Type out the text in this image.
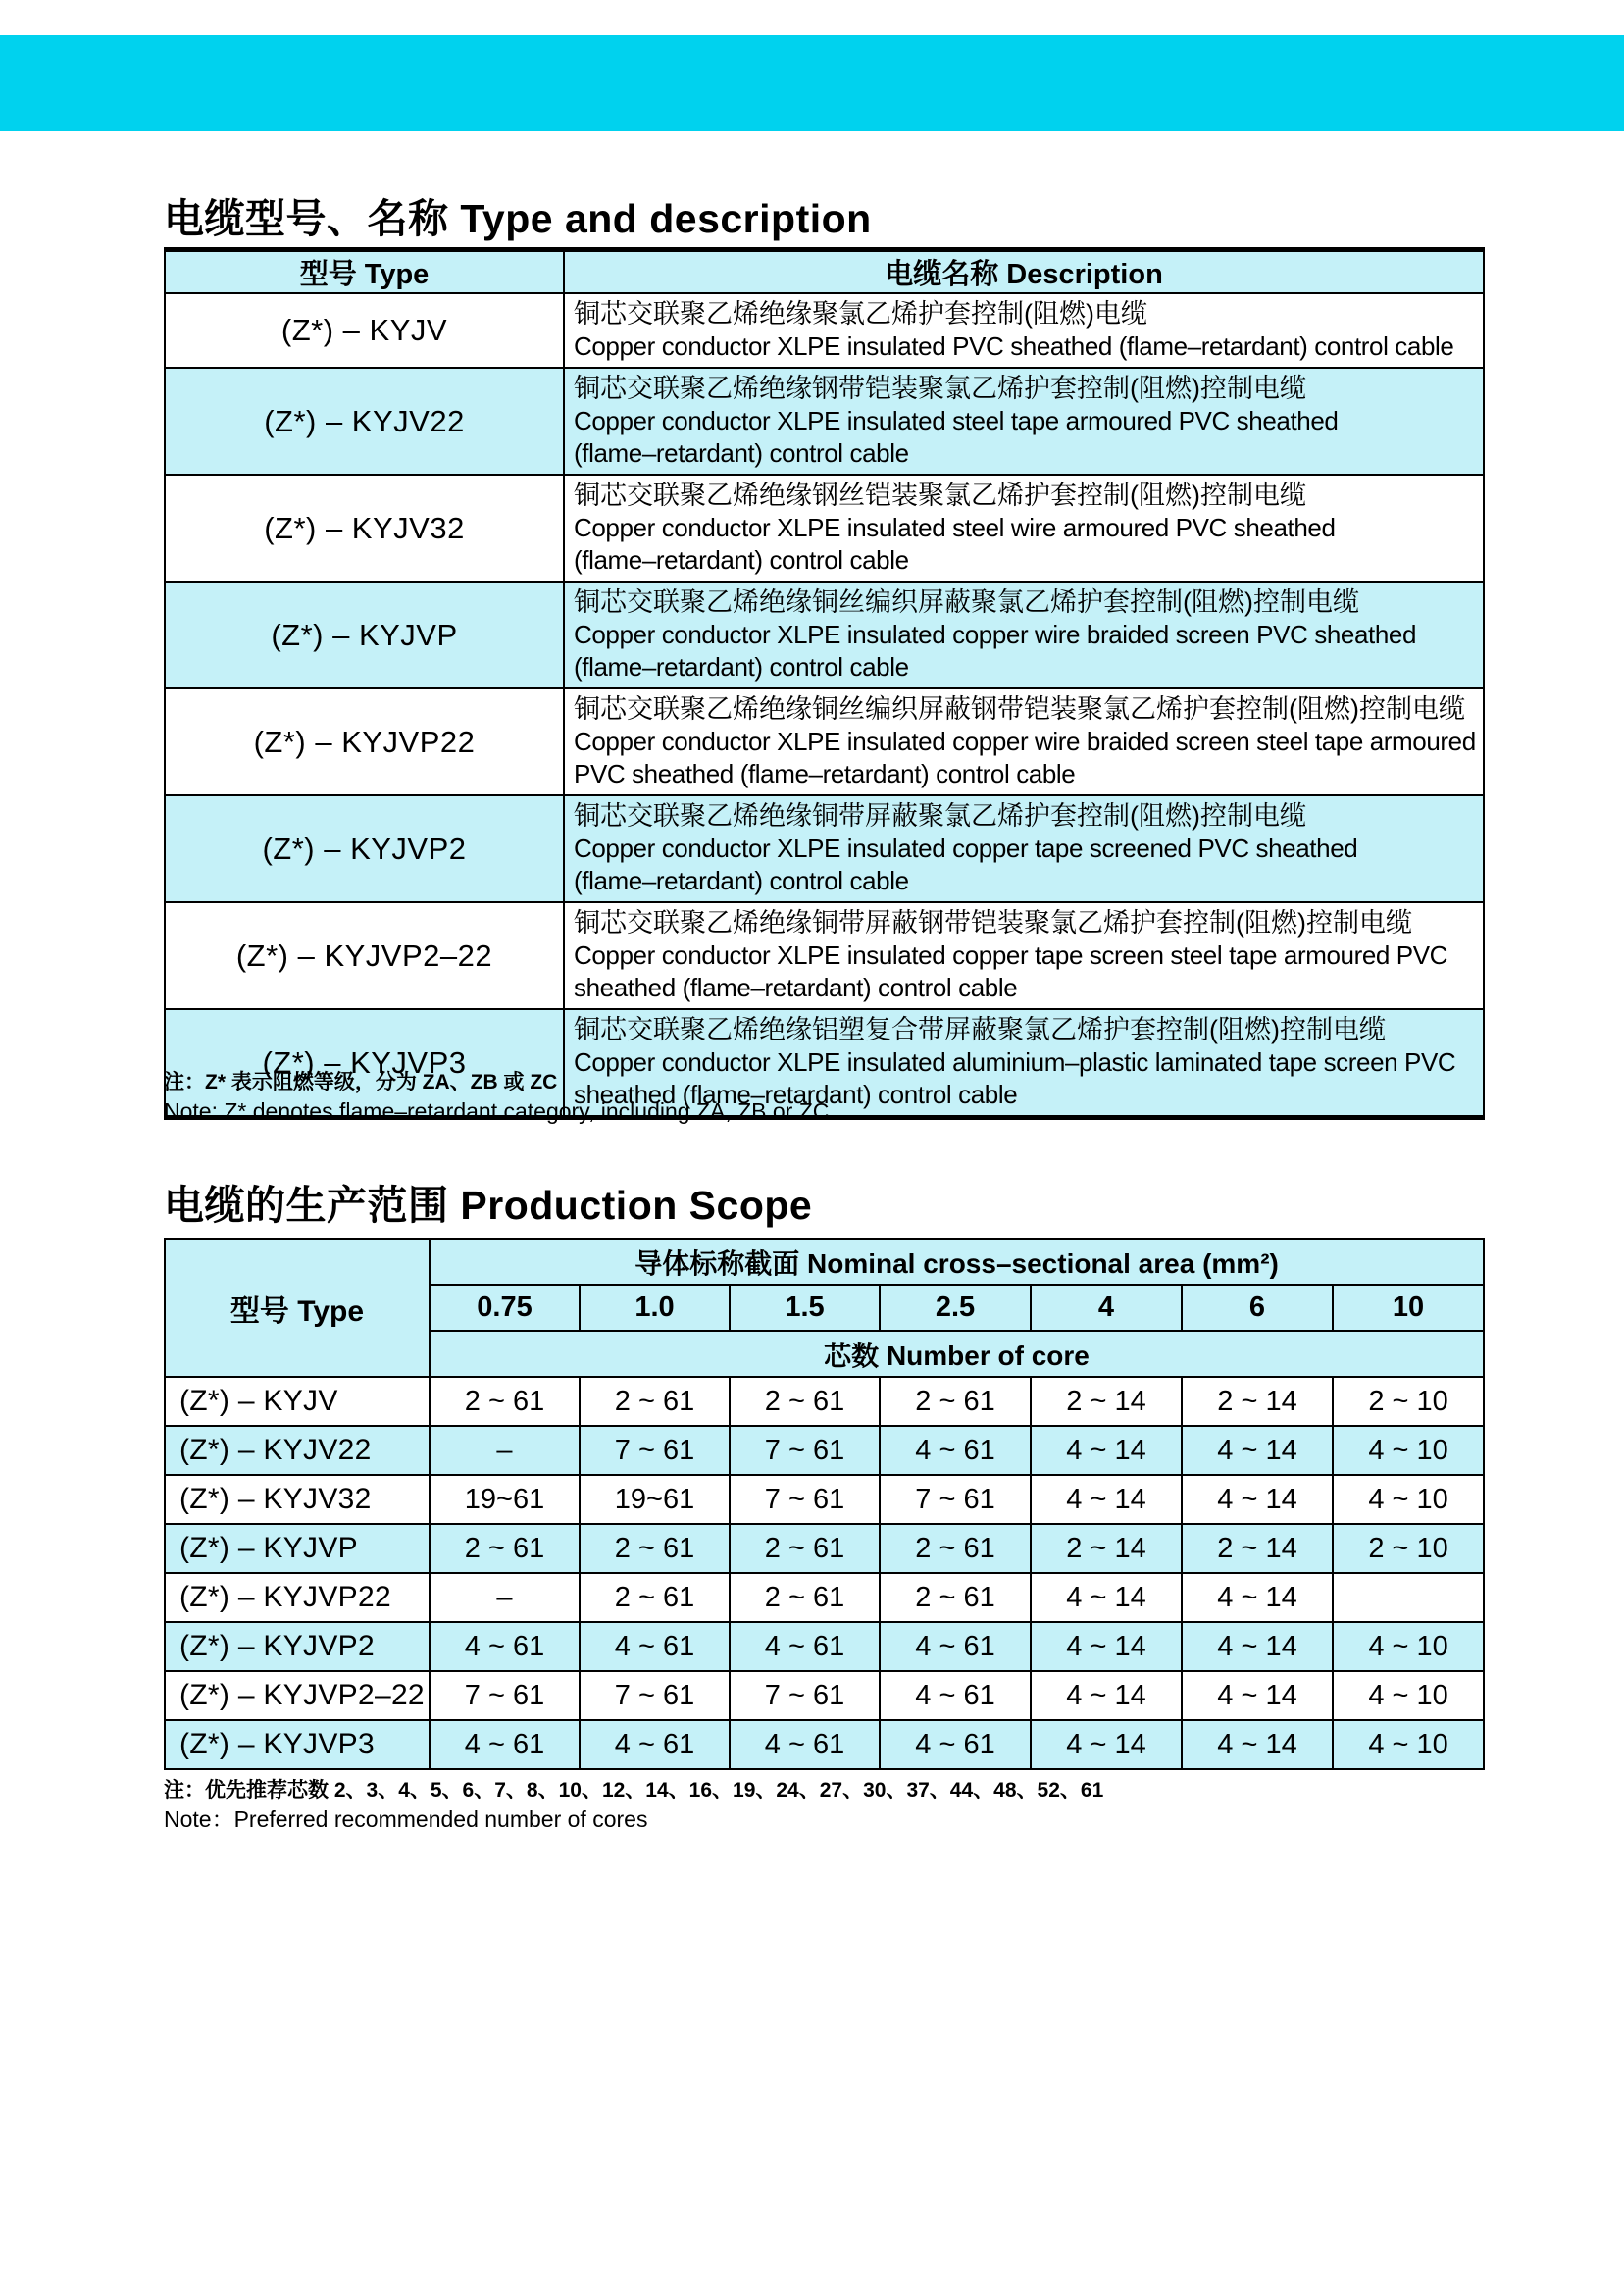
电缆型号、名称 Type and description
型号 Type	电缆名称 Description
(Z*) – KYJV	铜芯交联聚乙烯绝缘聚氯乙烯护套控制(阻燃)电缆
Copper conductor XLPE insulated PVC sheathed (flame–retardant) control cable

(Z*) – KYJV22	铜芯交联聚乙烯绝缘钢带铠装聚氯乙烯护套控制(阻燃)控制电缆
Copper conductor XLPE insulated steel tape armoured PVC sheathed
(flame–retardant) control cable

(Z*) – KYJV32	铜芯交联聚乙烯绝缘钢丝铠装聚氯乙烯护套控制(阻燃)控制电缆
Copper conductor XLPE insulated steel wire armoured PVC sheathed
(flame–retardant) control cable

(Z*) – KYJVP	铜芯交联聚乙烯绝缘铜丝编织屏蔽聚氯乙烯护套控制(阻燃)控制电缆
Copper conductor XLPE insulated copper wire braided screen PVC sheathed
(flame–retardant) control cable

(Z*) – KYJVP22	铜芯交联聚乙烯绝缘铜丝编织屏蔽钢带铠装聚氯乙烯护套控制(阻燃)控制电缆
Copper conductor XLPE insulated copper wire braided screen steel tape armoured
PVC sheathed (flame–retardant) control cable

(Z*) – KYJVP2	铜芯交联聚乙烯绝缘铜带屏蔽聚氯乙烯护套控制(阻燃)控制电缆
Copper conductor XLPE insulated copper tape screened PVC sheathed
(flame–retardant) control cable

(Z*) – KYJVP2–22	铜芯交联聚乙烯绝缘铜带屏蔽钢带铠装聚氯乙烯护套控制(阻燃)控制电缆
Copper conductor XLPE insulated copper tape screen steel tape armoured PVC
sheathed (flame–retardant) control cable

(Z*) – KYJVP3	铜芯交联聚乙烯绝缘铝塑复合带屏蔽聚氯乙烯护套控制(阻燃)控制电缆
Copper conductor XLPE insulated aluminium–plastic laminated tape screen PVC
sheathed (flame–retardant) control cable
注：Z* 表示阻燃等级，分为 ZA、ZB 或 ZC
Note: Z* denotes flame–retardant category, including ZA, ZB or ZC
电缆的生产范围 Production Scope
型号 Type	导体标称截面 Nominal cross–sectional area (mm²)						
	0.75	1.0	1.5	2.5	4	6	10
	芯数 Number of core						
(Z*) – KYJV	2 ~ 61	2 ~ 61	2 ~ 61	2 ~ 61	2 ~ 14	2 ~ 14	2 ~ 10
(Z*) – KYJV22	–	7 ~ 61	7 ~ 61	4 ~ 61	4 ~ 14	4 ~ 14	4 ~ 10
(Z*) – KYJV32	19~61	19~61	7 ~ 61	7 ~ 61	4 ~ 14	4 ~ 14	4 ~ 10
(Z*) – KYJVP	2 ~ 61	2 ~ 61	2 ~ 61	2 ~ 61	2 ~ 14	2 ~ 14	2 ~ 10
(Z*) – KYJVP22	–	2 ~ 61	2 ~ 61	2 ~ 61	4 ~ 14	4 ~ 14	
(Z*) – KYJVP2	4 ~ 61	4 ~ 61	4 ~ 61	4 ~ 61	4 ~ 14	4 ~ 14	4 ~ 10
(Z*) – KYJVP2–22	7 ~ 61	7 ~ 61	7 ~ 61	4 ~ 61	4 ~ 14	4 ~ 14	4 ~ 10
(Z*) – KYJVP3	4 ~ 61	4 ~ 61	4 ~ 61	4 ~ 61	4 ~ 14	4 ~ 14	4 ~ 10
注：优先推荐芯数 2、3、4、5、6、7、8、10、12、14、16、19、24、27、30、37、44、48、52、61
Note：Preferred recommended number of cores
